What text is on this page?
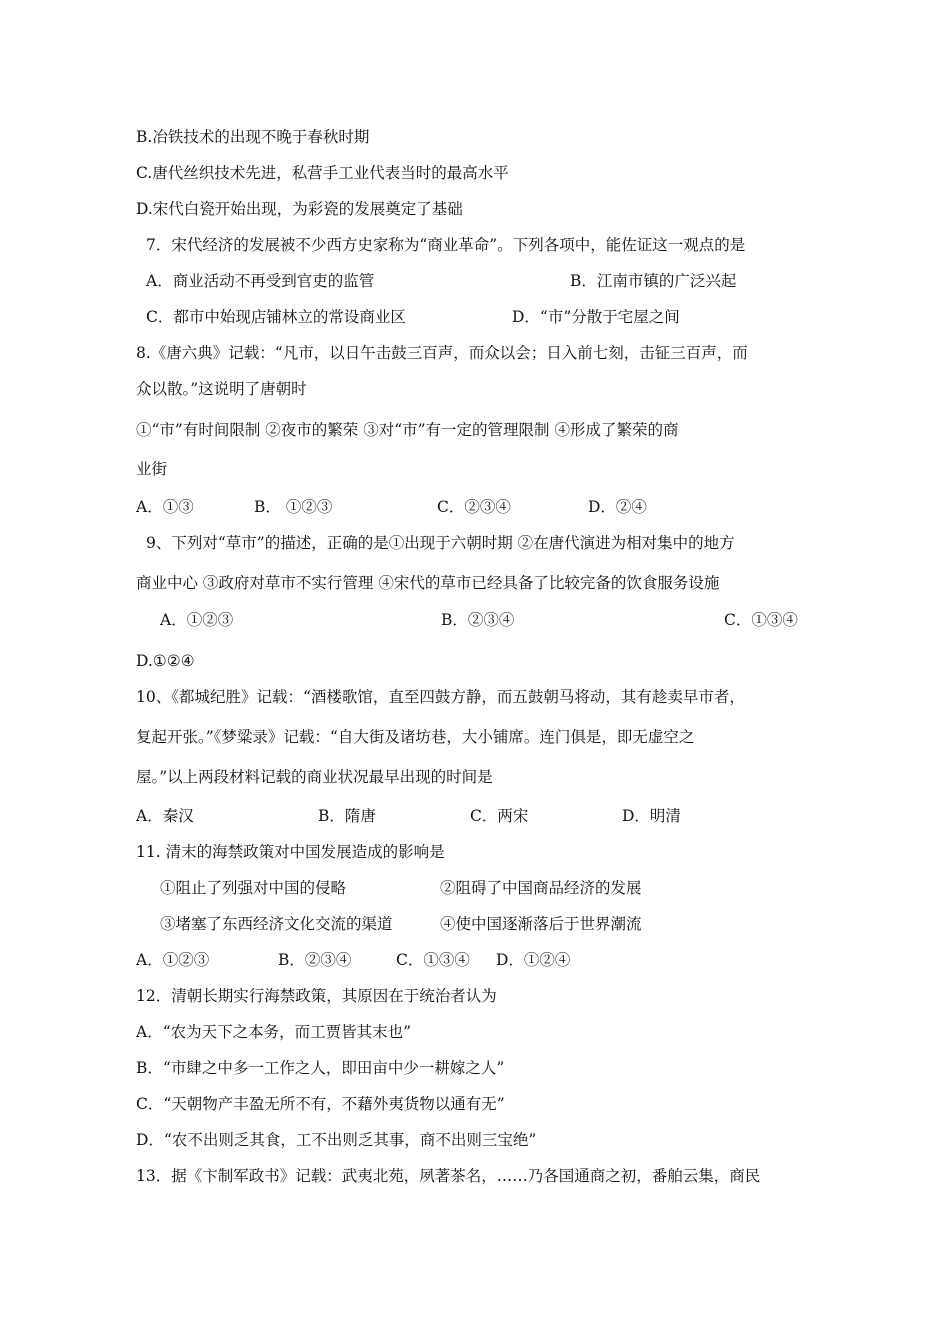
B.冶铁技术的出现不晚于春秋时期

C.唐代丝织技术先进，私营手工业代表当时的最高水平

D.宋代白瓷开始出现，为彩瓷的发展奠定了基础

7．宋代经济的发展被不少西方史家称为“商业革命”。下列各项中，能佐证这一观点的是

A．商业活动不再受到官吏的监管	B．江南市镇的广泛兴起

C．都市中始现店铺林立的常设商业区	D．“市”分散于宅屋之间

8.《唐六典》记载：“凡市，以日午击鼓三百声，而众以会；日入前七刻，击钲三百声，而

众以散。”这说明了唐朝时

①“市”有时间限制 ②夜市的繁荣 ③对“市”有一定的管理限制 ④形成了繁荣的商

业街

A．①③	B． ①②③	C．②③④	D．②④

9、下列对“草市”的描述，正确的是①出现于六朝时期 ②在唐代演进为相对集中的地方

商业中心 ③政府对草市不实行管理 ④宋代的草市已经具备了比较完备的饮食服务设施

A．①②③	B．②③④	C．①③④

D.①②④

10、《都城纪胜》记载：“酒楼歌馆，直至四鼓方静，而五鼓朝马将动，其有趁卖早市者，

复起开张。”《梦粱录》记载：“自大街及诸坊巷，大小铺席。连门俱是，即无虚空之

屋。”以上两段材料记载的商业状况最早出现的时间是

A．秦汉	B．隋唐	C．两宋	D．明清

11. 清末的海禁政策对中国发展造成的影响是

①阻止了列强对中国的侵略	②阻碍了中国商品经济的发展

③堵塞了东西经济文化交流的渠道	④使中国逐渐落后于世界潮流

A．①②③	B．②③④	C．①③④ D．①②④

12．清朝长期实行海禁政策，其原因在于统治者认为

A．“农为天下之本务，而工贾皆其末也”

B．“市肆之中多一工作之人，即田亩中少一耕嫁之人”

C．“天朝物产丰盈无所不有，不藉外夷货物以通有无”

D．“农不出则乏其食，工不出则乏其事，商不出则三宝绝”

13．据《卞制军政书》记载：武夷北苑，夙著茶名，……乃各国通商之初，番舶云集，商民
